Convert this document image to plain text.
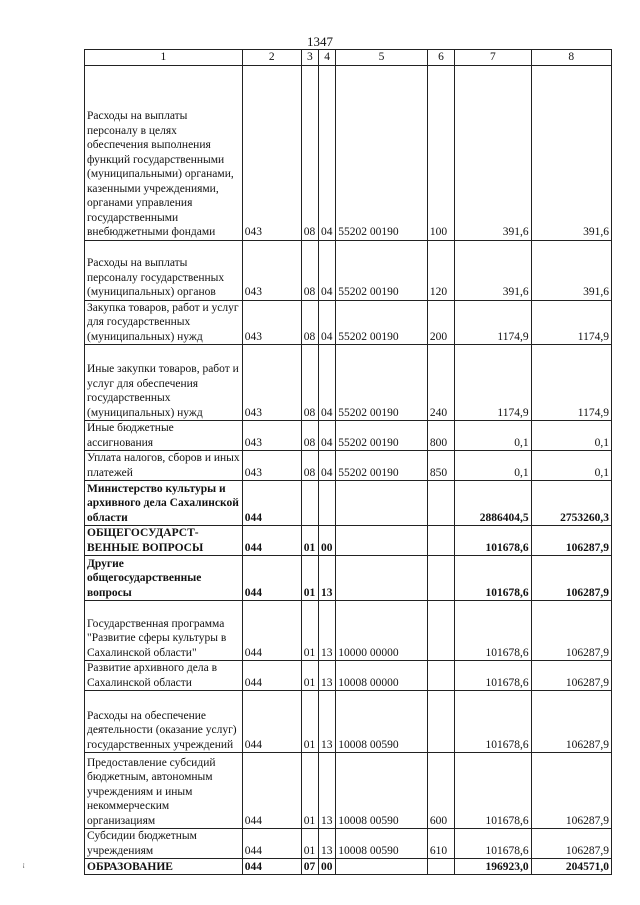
1347
1	2	3	4	5	6	7	8
Расходы на выплаты персоналу в целях обеспечения выполнения функций государственными (муниципальными) органами, казенными учреждениями, органами управления государственными внебюджетными фондами	043	08	04	55202 00190	100	391,6	391,6
Расходы на выплаты персоналу государственных (муниципальных) органов	043	08	04	55202 00190	120	391,6	391,6
Закупка товаров, работ и услуг для государственных (муниципальных) нужд	043	08	04	55202 00190	200	1174,9	1174,9
Иные закупки товаров, работ и услуг для обеспечения государственных (муниципальных) нужд	043	08	04	55202 00190	240	1174,9	1174,9
Иные бюджетные ассигнования	043	08	04	55202 00190	800	0,1	0,1
Уплата налогов, сборов и иных платежей	043	08	04	55202 00190	850	0,1	0,1
Министерство культуры и архивного дела Сахалинской области	044					2886404,5	2753260,3
ОБЩЕГОСУДАРСТ-ВЕННЫЕ ВОПРОСЫ	044	01	00			101678,6	106287,9
Другие общегосударственные вопросы	044	01	13			101678,6	106287,9
Государственная программа "Развитие сферы культуры в Сахалинской области"	044	01	13	10000 00000		101678,6	106287,9
Развитие архивного дела в Сахалинской области	044	01	13	10008 00000		101678,6	106287,9
Расходы на обеспечение деятельности (оказание услуг) государственных учреждений	044	01	13	10008 00590		101678,6	106287,9
Предоставление субсидий бюджетным, автономным учреждениям и иным некоммерческим организациям	044	01	13	10008 00590	600	101678,6	106287,9
Субсидии бюджетным учреждениям	044	01	13	10008 00590	610	101678,6	106287,9
ОБРАЗОВАНИЕ	044	07	00			196923,0	204571,0
ꜟ
